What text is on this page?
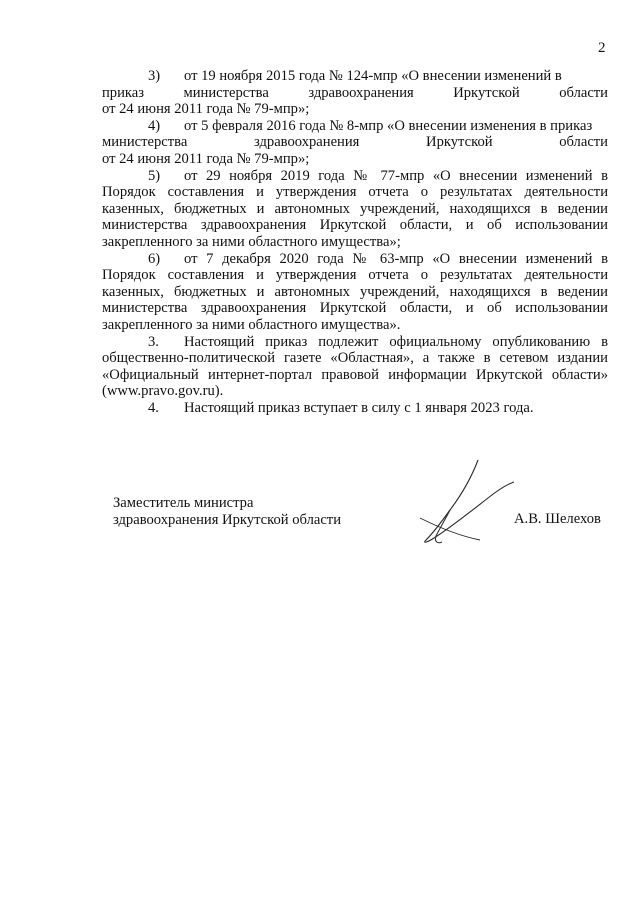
2

3) от 19 ноября 2015 года № 124-мпр «О внесении изменений в
приказ министерства здравоохранения Иркутской области
от 24 июня 2011 года № 79-мпр»;

4) от 5 февраля 2016 года № 8-мпр «О внесении изменения в приказ
министерства здравоохранения Иркутской области
от 24 июня 2011 года № 79-мпр»;

5) от 29 ноября 2019 года № 77-мпр «О внесении изменений в Порядок составления и утверждения отчета о результатах деятельности казенных, бюджетных и автономных учреждений, находящихся в ведении министерства здравоохранения Иркутской области, и об использовании закрепленного за ними областного имущества»;

6) от 7 декабря 2020 года № 63-мпр «О внесении изменений в Порядок составления и утверждения отчета о результатах деятельности казенных, бюджетных и автономных учреждений, находящихся в ведении министерства здравоохранения Иркутской области, и об использовании закрепленного за ними областного имущества».

3. Настоящий приказ подлежит официальному опубликованию в общественно-политической газете «Областная», а также в сетевом издании «Официальный интернет-портал правовой информации Иркутской области» (www.pravo.gov.ru).

4. Настоящий приказ вступает в силу с 1 января 2023 года.

Заместитель министра
здравоохранения Иркутской области	А.В. Шелехов
